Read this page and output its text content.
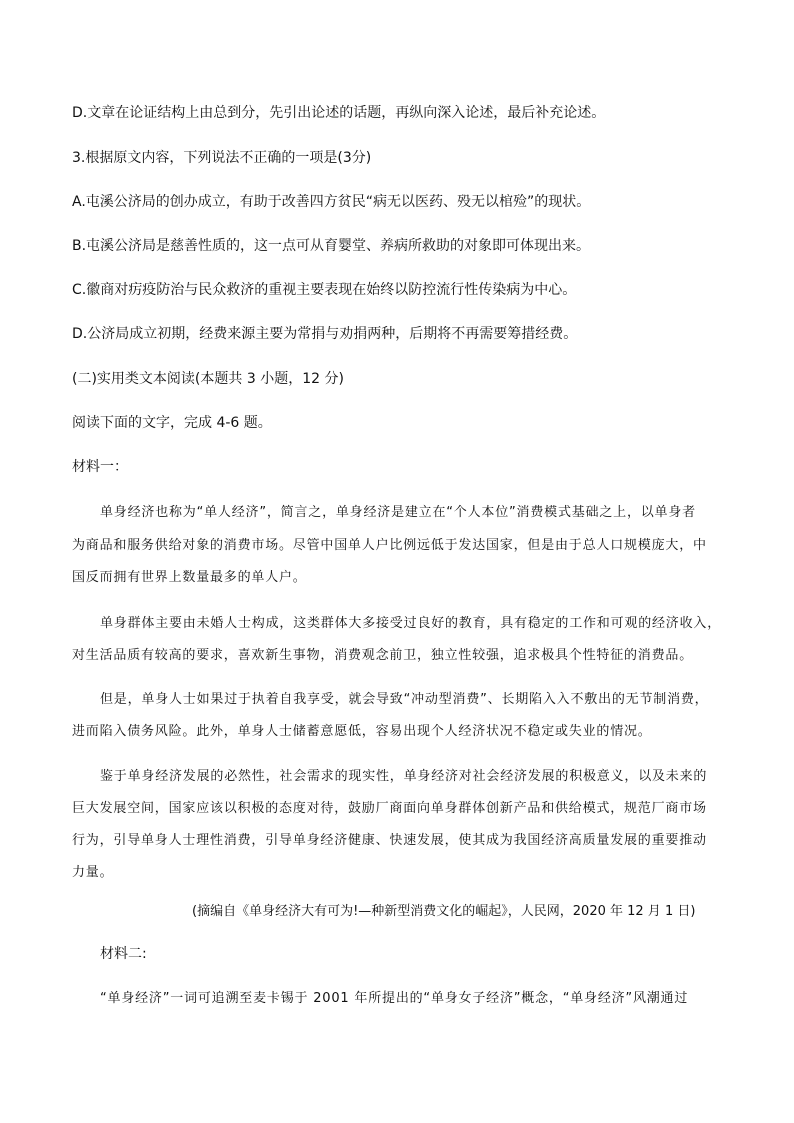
D.文章在论证结构上由总到分，先引出论述的话题，再纵向深入论述，最后补充论述。

3.根据原文内容，下列说法不正确的一项是(3分)

A.屯溪公济局的创办成立，有助于改善四方贫民“病无以医药、殁无以棺殓”的现状。

B.屯溪公济局是慈善性质的，这一点可从育婴堂、养病所救助的对象即可体现出来。

C.徽商对疠疫防治与民众救济的重视主要表现在始终以防控流行性传染病为中心。

D.公济局成立初期，经费来源主要为常捐与劝捐两种，后期将不再需要筹措经费。

(二)实用类文本阅读(本题共 3 小题，12 分)

阅读下面的文字，完成 4-6 题。

材料一：

单身经济也称为“单人经济”，简言之，单身经济是建立在“个人本位”消费模式基础之上，以单身者

为商品和服务供给对象的消费市场。尽管中国单人户比例远低于发达国家，但是由于总人口规模庞大，中

国反而拥有世界上数量最多的单人户。

单身群体主要由未婚人士构成，这类群体大多接受过良好的教育，具有稳定的工作和可观的经济收入，

对生活品质有较高的要求，喜欢新生事物，消费观念前卫，独立性较强，追求极具个性特征的消费品。

但是，单身人士如果过于执着自我享受，就会导致“冲动型消费”、长期陷入入不敷出的无节制消费，

进而陷入债务风险。此外，单身人士储蓄意愿低，容易出现个人经济状况不稳定或失业的情况。

鉴于单身经济发展的必然性，社会需求的现实性，单身经济对社会经济发展的积极意义，以及未来的

巨大发展空间，国家应该以积极的态度对待，鼓励厂商面向单身群体创新产品和供给模式，规范厂商市场

行为，引导单身人士理性消费，引导单身经济健康、快速发展，使其成为我国经济高质量发展的重要推动

力量。

(摘编自《单身经济大有可为!—种新型消费文化的崛起》，人民网，2020 年 12 月 1 日)

材料二:

“单身经济”一词可追溯至麦卡锡于 2001 年所提出的“单身女子经济”概念，“单身经济”风潮通过
